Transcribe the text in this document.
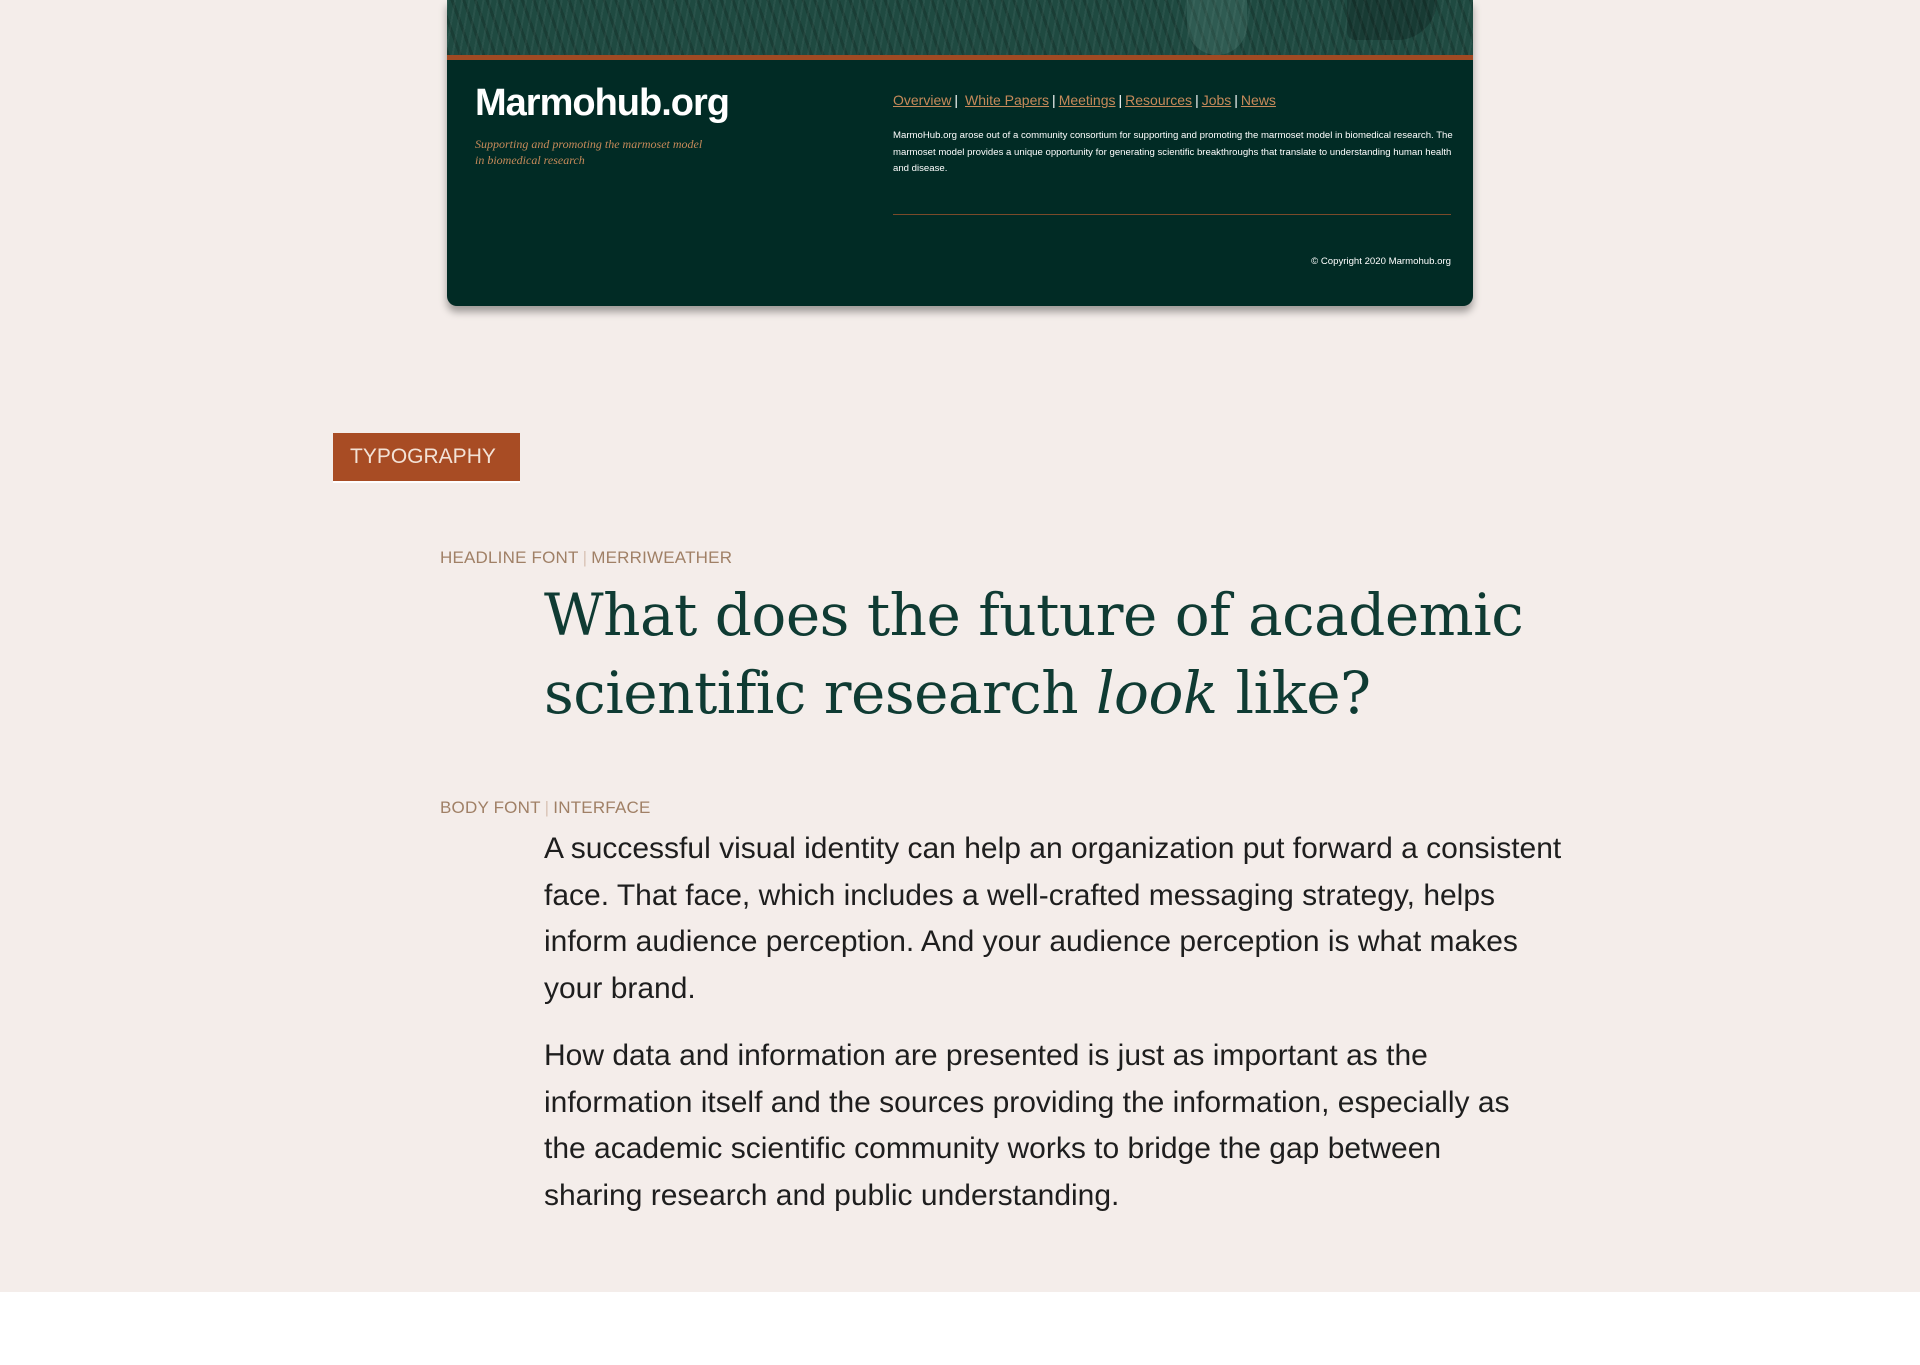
Marmohub.org
Supporting and promoting the marmoset model in biomedical research
Overview | White Papers | Meetings | Resources | Jobs | News
MarmoHub.org arose out of a community consortium for supporting and promoting the marmoset model in biomedical research. The marmoset model provides a unique opportunity for generating scientific breakthroughs that translate to understanding human health and disease.
© Copyright 2020 Marmohub.org
TYPOGRAPHY
HEADLINE FONT | MERRIWEATHER
What does the future of academic
scientific research look like?
BODY FONT | INTERFACE

A successful visual identity can help an organization put forward a consistent face. That face, which includes a well-crafted messaging strategy, helps inform audience perception. And your audience perception is what makes your brand.

How data and information are presented is just as important as the information itself and the sources providing the information, especially as the academic scientific community works to bridge the gap between sharing research and public understanding.
